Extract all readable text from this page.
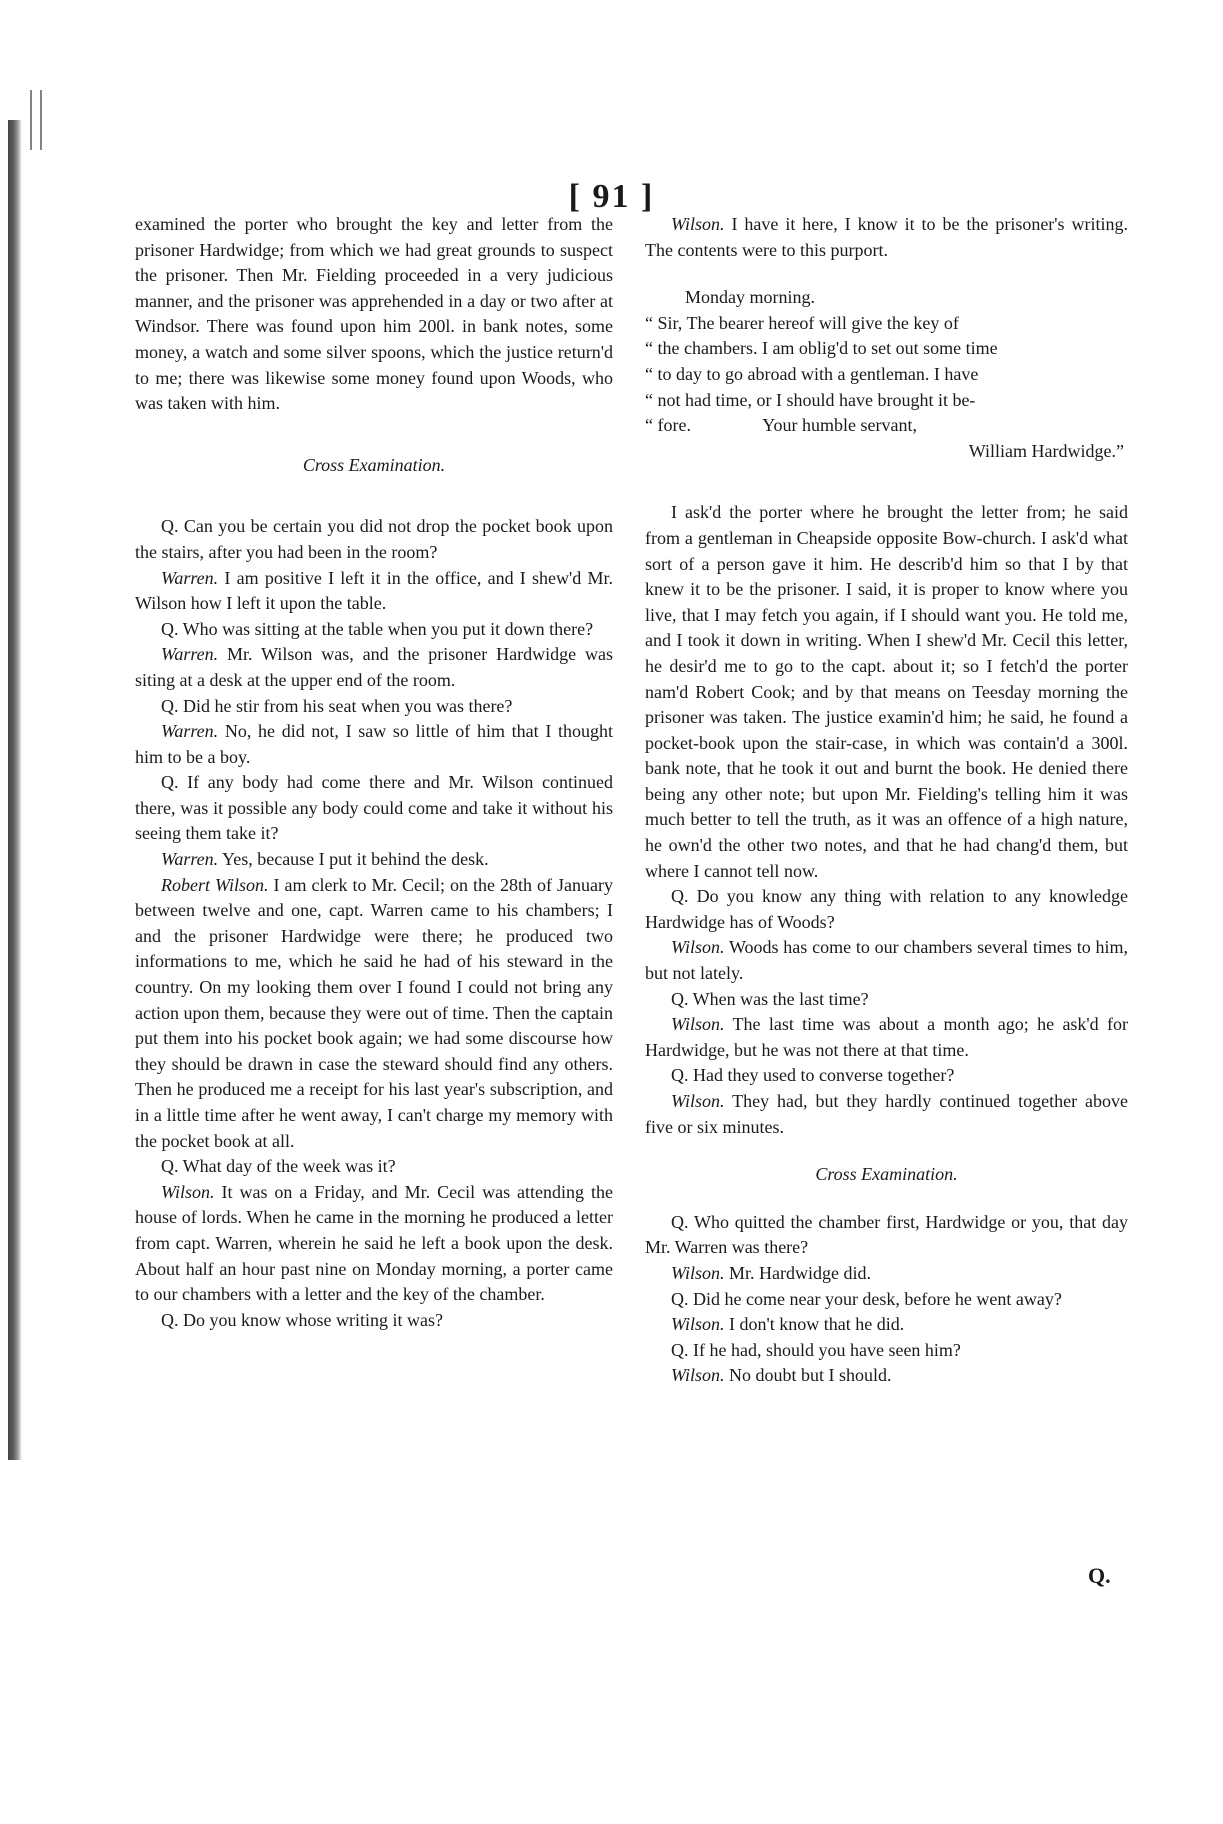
[ 91 ]

examined the porter who brought the key and letter from the prisoner Hardwidge; from which we had great grounds to suspect the prisoner. Then Mr. Fielding proceeded in a very judicious manner, and the prisoner was apprehended in a day or two after at Windsor. There was found upon him 200l. in bank notes, some money, a watch and some silver spoons, which the justice return'd to me; there was likewise some money found upon Woods, who was taken with him.

Cross Examination.

Q. Can you be certain you did not drop the pocket book upon the stairs, after you had been in the room?

Warren. I am positive I left it in the office, and I shew'd Mr. Wilson how I left it upon the table.

Q. Who was sitting at the table when you put it down there?

Warren. Mr. Wilson was, and the prisoner Hardwidge was siting at a desk at the upper end of the room.

Q. Did he stir from his seat when you was there?

Warren. No, he did not, I saw so little of him that I thought him to be a boy.

Q. If any body had come there and Mr. Wilson continued there, was it possible any body could come and take it without his seeing them take it?

Warren. Yes, because I put it behind the desk.

Robert Wilson. I am clerk to Mr. Cecil; on the 28th of January between twelve and one, capt. Warren came to his chambers; I and the prisoner Hardwidge were there; he produced two informations to me, which he said he had of his steward in the country. On my looking them over I found I could not bring any action upon them, because they were out of time. Then the captain put them into his pocket book again; we had some discourse how they should be drawn in case the steward should find any others. Then he produced me a receipt for his last year's subscription, and in a little time after he went away, I can't charge my memory with the pocket book at all.

Q. What day of the week was it?

Wilson. It was on a Friday, and Mr. Cecil was attending the house of lords. When he came in the morning he produced a letter from capt. Warren, wherein he said he left a book upon the desk. About half an hour past nine on Monday morning, a porter came to our chambers with a letter and the key of the chamber.

Q. Do you know whose writing it was?

Wilson. I have it here, I know it to be the prisoner's writing. The contents were to this purport.

Monday morning.

“ Sir, The bearer hereof will give the key of

“ the chambers. I am oblig'd to set out some time

“ to day to go abroad with a gentleman. I have

“ not had time, or I should have brought it be-

“ fore.                Your humble servant,

William Hardwidge.”

I ask'd the porter where he brought the letter from; he said from a gentleman in Cheapside opposite Bow-church. I ask'd what sort of a person gave it him. He describ'd him so that I by that knew it to be the prisoner. I said, it is proper to know where you live, that I may fetch you again, if I should want you. He told me, and I took it down in writing. When I shew'd Mr. Cecil this letter, he desir'd me to go to the capt. about it; so I fetch'd the porter nam'd Robert Cook; and by that means on Teesday morning the prisoner was taken. The justice examin'd him; he said, he found a pocket-book upon the stair-case, in which was contain'd a 300l. bank note, that he took it out and burnt the book. He denied there being any other note; but upon Mr. Fielding's telling him it was much better to tell the truth, as it was an offence of a high nature, he own'd the other two notes, and that he had chang'd them, but where I cannot tell now.

Q. Do you know any thing with relation to any knowledge Hardwidge has of Woods?

Wilson. Woods has come to our chambers several times to him, but not lately.

Q. When was the last time?

Wilson. The last time was about a month ago; he ask'd for Hardwidge, but he was not there at that time.

Q. Had they used to converse together?

Wilson. They had, but they hardly continued together above five or six minutes.

Cross Examination.

Q. Who quitted the chamber first, Hardwidge or you, that day Mr. Warren was there?

Wilson. Mr. Hardwidge did.

Q. Did he come near your desk, before he went away?

Wilson. I don't know that he did.

Q. If he had, should you have seen him?

Wilson. No doubt but I should.

Q.
